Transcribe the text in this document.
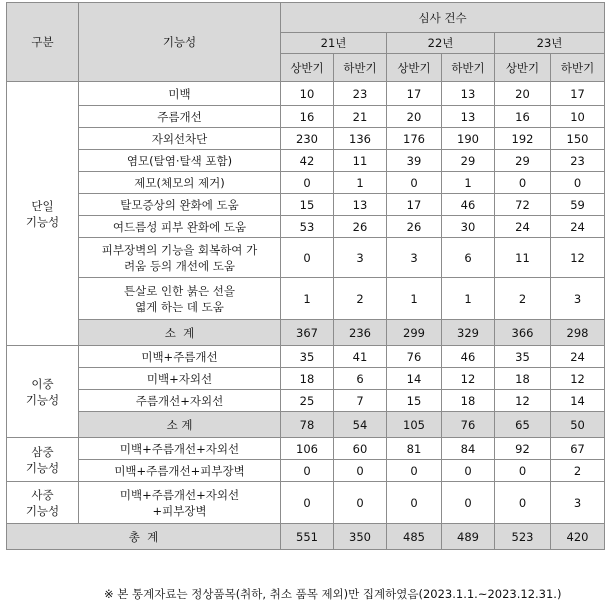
구분	기능성	심사 건수					
		21년		22년		23년	
		상반기	하반기	상반기	하반기	상반기	하반기
단일
기능성	미백	10	23	17	13	20	17
	주름개선	16	21	20	13	16	10
	자외선차단	230	136	176	190	192	150
	염모(탈염·탈색 포함)	42	11	39	29	29	23
	제모(체모의 제거)	0	1	0	1	0	0
	탈모증상의 완화에 도움	15	13	17	46	72	59
	여드름성 피부 완화에 도움	53	26	26	30	24	24
	피부장벽의 기능을 회복하여 가
려움 등의 개선에 도움	0	3	3	6	11	12
	튼살로 인한 붉은 선을
엷게 하는 데 도움	1	2	1	1	2	3
	소  계	367	236	299	329	366	298
이중
기능성	미백+주름개선	35	41	76	46	35	24
	미백+자외선	18	6	14	12	18	12
	주름개선+자외선	25	7	15	18	12	14
	소 계	78	54	105	76	65	50
삼중
기능성	미백+주름개선+자외선	106	60	81	84	92	67
	미백+주름개선+피부장벽	0	0	0	0	0	2
사중
기능성	미백+주름개선+자외선
+피부장벽	0	0	0	0	0	3
총  계		551	350	485	489	523	420
※ 본 통계자료는 정상품목(취하, 취소 품목 제외)만 집계하였음(2023.1.1.~2023.12.31.)
